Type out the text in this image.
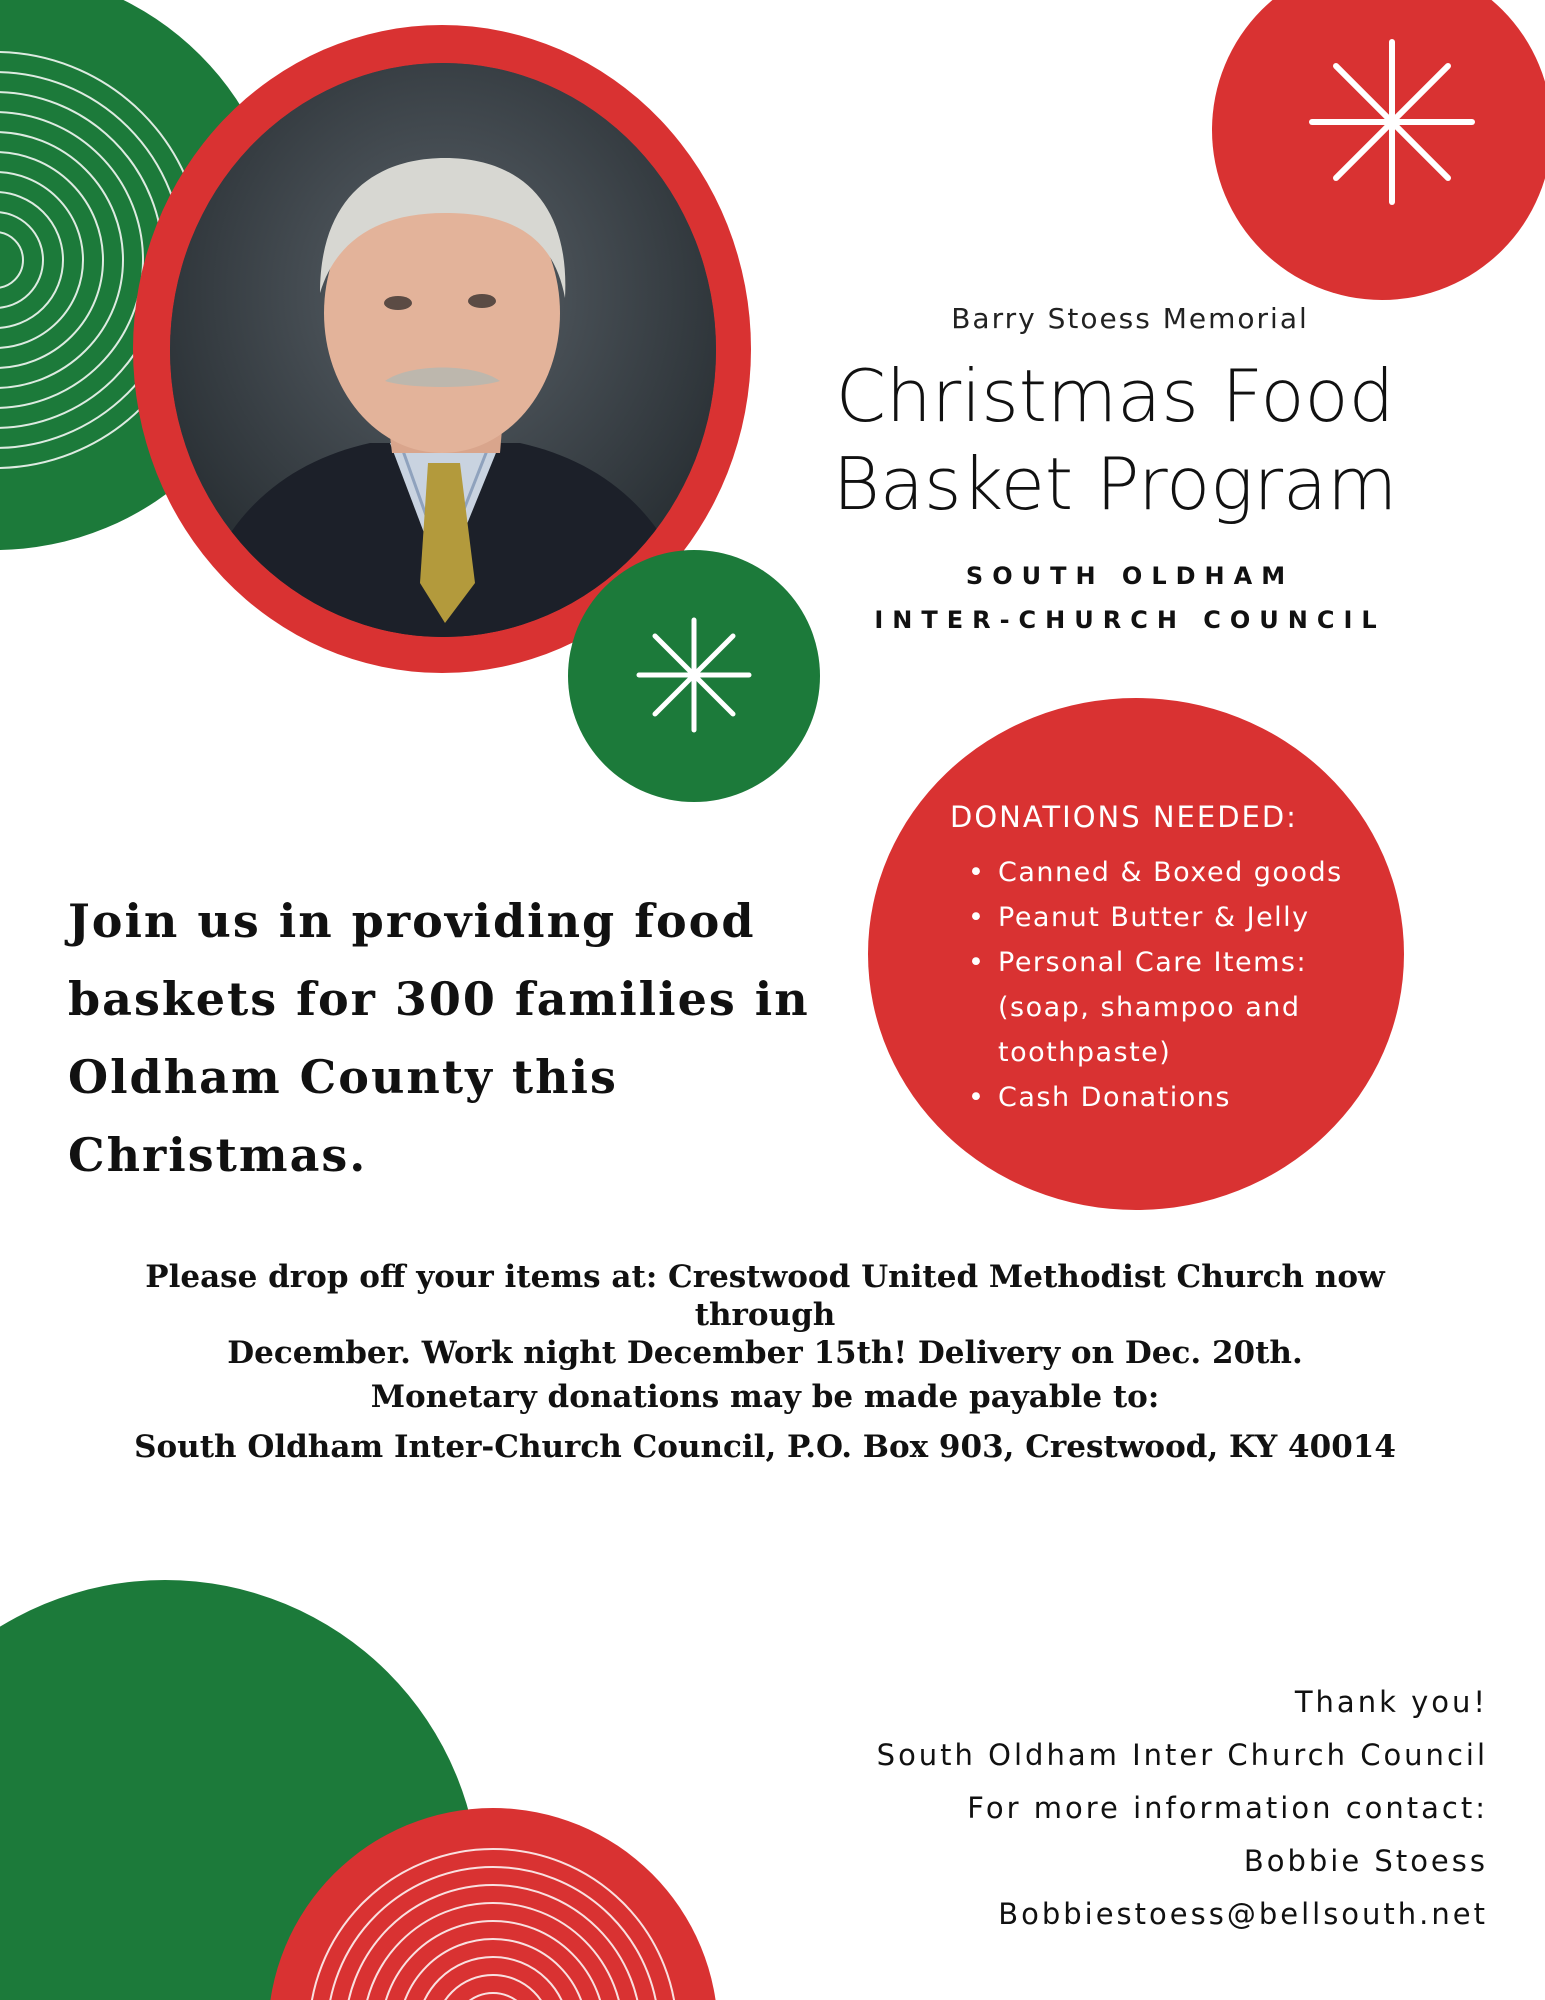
Barry Stoess Memorial
Christmas Food
Basket Program
SOUTH OLDHAM
INTER-CHURCH COUNCIL
DONATIONS NEEDED:
• Canned & Boxed goods
• Peanut Butter & Jelly
• Personal Care Items:
(soap, shampoo and
toothpaste)
• Cash Donations
Join us in providing food
baskets for 300 families in
Oldham County this
Christmas.
Please drop off your items at: Crestwood United Methodist Church now through
December. Work night December 15th! Delivery on Dec. 20th.
Monetary donations may be made payable to:
South Oldham Inter-Church Council, P.O. Box 903, Crestwood, KY 40014
Thank you!
South Oldham Inter Church Council
For more information contact:
Bobbie Stoess
Bobbiestoess@bellsouth.net
